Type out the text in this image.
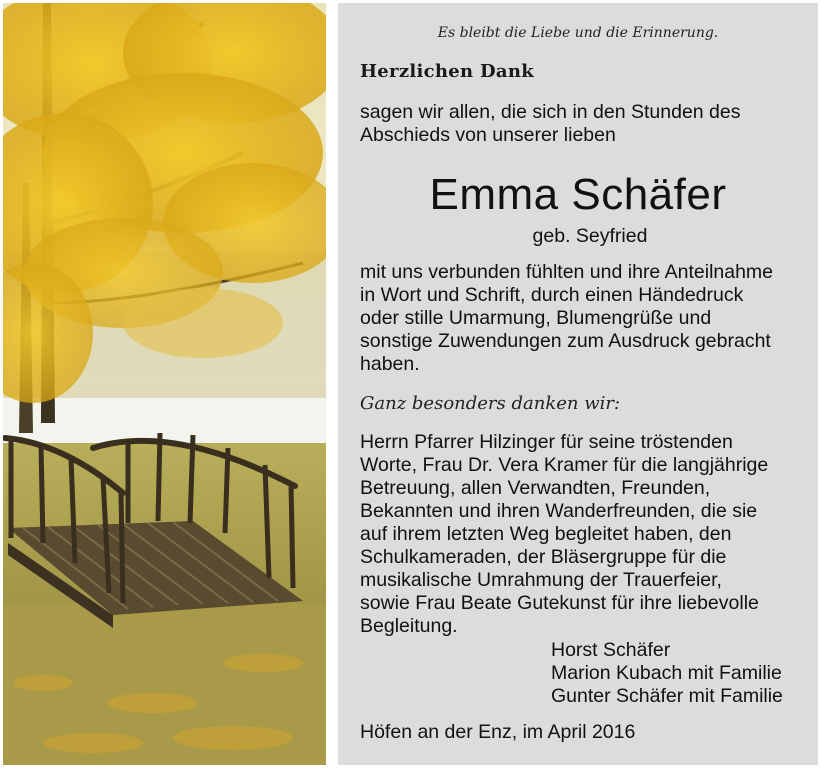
Es bleibt die Liebe und die Erinnerung.
Herzlichen Dank
sagen wir allen, die sich in den Stunden des
Abschieds von unserer lieben
Emma Schäfer
geb. Seyfried
mit uns verbunden fühlten und ihre Anteilnahme
in Wort und Schrift, durch einen Händedruck
oder stille Umarmung, Blumengrüße und
sonstige Zuwendungen zum Ausdruck gebracht
haben.
Ganz besonders danken wir:
Herrn Pfarrer Hilzinger für seine tröstenden
Worte, Frau Dr. Vera Kramer für die langjährige
Betreuung, allen Verwandten, Freunden,
Bekannten und ihren Wanderfreunden, die sie
auf ihrem letzten Weg begleitet haben, den
Schulkameraden, der Bläsergruppe für die
musikalische Umrahmung der Trauerfeier,
sowie Frau Beate Gutekunst für ihre liebevolle
Begleitung.
Horst Schäfer
Marion Kubach mit Familie
Gunter Schäfer mit Familie
Höfen an der Enz, im April 2016
